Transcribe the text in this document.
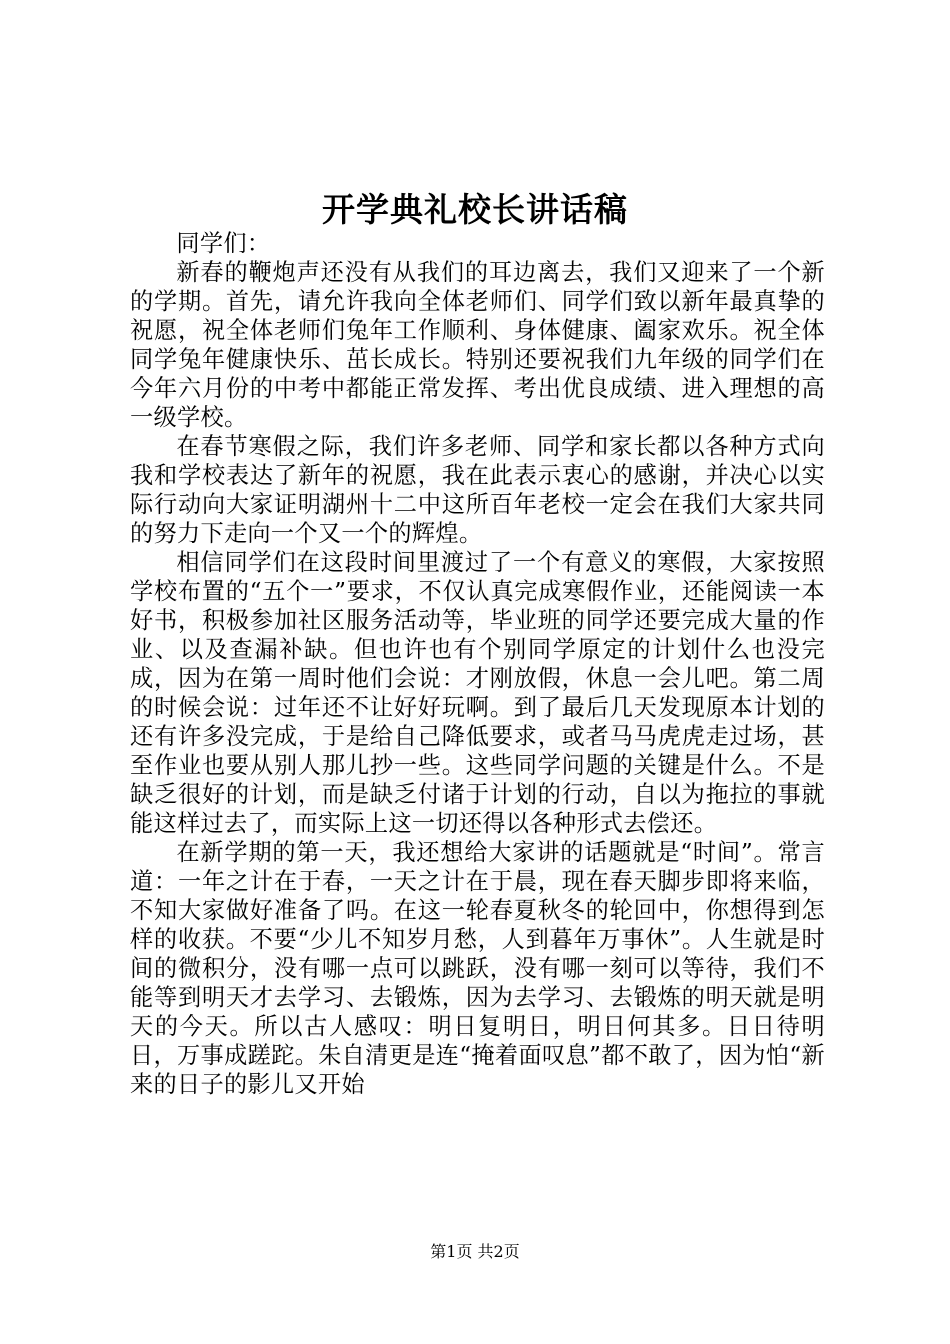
开学典礼校长讲话稿

同学们：

新春的鞭炮声还没有从我们的耳边离去，我们又迎来了一个新的学期。首先，请允许我向全体老师们、同学们致以新年最真挚的祝愿，祝全体老师们兔年工作顺利、身体健康、阖家欢乐。祝全体同学兔年健康快乐、茁长成长。特别还要祝我们九年级的同学们在今年六月份的中考中都能正常发挥、考出优良成绩、进入理想的高一级学校。

在春节寒假之际，我们许多老师、同学和家长都以各种方式向我和学校表达了新年的祝愿，我在此表示衷心的感谢，并决心以实际行动向大家证明湖州十二中这所百年老校一定会在我们大家共同的努力下走向一个又一个的辉煌。

相信同学们在这段时间里渡过了一个有意义的寒假，大家按照学校布置的“五个一”要求，不仅认真完成寒假作业，还能阅读一本好书，积极参加社区服务活动等，毕业班的同学还要完成大量的作业、以及查漏补缺。但也许也有个别同学原定的计划什么也没完成，因为在第一周时他们会说：才刚放假，休息一会儿吧。第二周的时候会说：过年还不让好好玩啊。到了最后几天发现原本计划的还有许多没完成，于是给自己降低要求，或者马马虎虎走过场，甚至作业也要从别人那儿抄一些。这些同学问题的关键是什么。不是缺乏很好的计划，而是缺乏付诸于计划的行动，自以为拖拉的事就能这样过去了，而实际上这一切还得以各种形式去偿还。

在新学期的第一天，我还想给大家讲的话题就是“时间”。常言道：一年之计在于春，一天之计在于晨，现在春天脚步即将来临，不知大家做好准备了吗。在这一轮春夏秋冬的轮回中，你想得到怎样的收获。不要“少儿不知岁月愁，人到暮年万事休”。人生就是时间的微积分，没有哪一点可以跳跃，没有哪一刻可以等待，我们不能等到明天才去学习、去锻炼，因为去学习、去锻炼的明天就是明天的今天。所以古人感叹：明日复明日，明日何其多。日日待明日，万事成蹉跎。朱自清更是连“掩着面叹息”都不敢了，因为怕“新来的日子的影儿又开始

第1页 共2页
